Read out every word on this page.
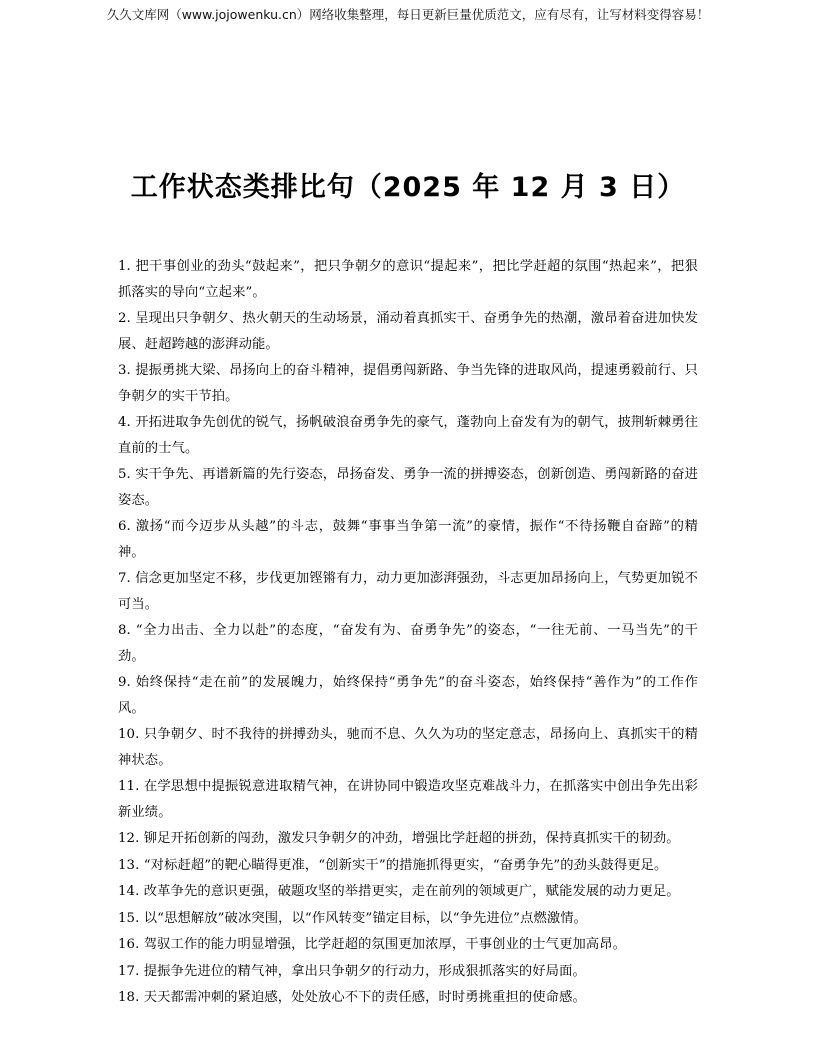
久久文库网（www.jojowenku.cn）网络收集整理，每日更新巨量优质范文，应有尽有，让写材料变得容易！
工作状态类排比句（2025 年 12 月 3 日）

1. 把干事创业的劲头“鼓起来”，把只争朝夕的意识“提起来”，把比学赶超的氛围“热起来”，把狠抓落实的导向“立起来”。

2. 呈现出只争朝夕、热火朝天的生动场景，涌动着真抓实干、奋勇争先的热潮，激昂着奋进加快发展、赶超跨越的澎湃动能。

3. 提振勇挑大梁、昂扬向上的奋斗精神，提倡勇闯新路、争当先锋的进取风尚，提速勇毅前行、只争朝夕的实干节拍。

4. 开拓进取争先创优的锐气，扬帆破浪奋勇争先的豪气，蓬勃向上奋发有为的朝气，披荆斩棘勇往直前的士气。

5. 实干争先、再谱新篇的先行姿态，昂扬奋发、勇争一流的拼搏姿态，创新创造、勇闯新路的奋进姿态。

6. 激扬“而今迈步从头越”的斗志，鼓舞“事事当争第一流”的豪情，振作“不待扬鞭自奋蹄”的精神。

7. 信念更加坚定不移，步伐更加铿锵有力，动力更加澎湃强劲，斗志更加昂扬向上，气势更加锐不可当。

8. “全力出击、全力以赴”的态度，“奋发有为、奋勇争先”的姿态，“一往无前、一马当先”的干劲。

9. 始终保持“走在前”的发展魄力，始终保持“勇争先”的奋斗姿态，始终保持“善作为”的工作作风。

10. 只争朝夕、时不我待的拼搏劲头，驰而不息、久久为功的坚定意志，昂扬向上、真抓实干的精神状态。

11. 在学思想中提振锐意进取精气神，在讲协同中锻造攻坚克难战斗力，在抓落实中创出争先出彩新业绩。

12. 铆足开拓创新的闯劲，激发只争朝夕的冲劲，增强比学赶超的拼劲，保持真抓实干的韧劲。

13. “对标赶超”的靶心瞄得更准，“创新实干”的措施抓得更实，“奋勇争先”的劲头鼓得更足。

14. 改革争先的意识更强，破题攻坚的举措更实，走在前列的领域更广，赋能发展的动力更足。

15. 以“思想解放”破冰突围，以“作风转变”锚定目标，以“争先进位”点燃激情。

16. 驾驭工作的能力明显增强，比学赶超的氛围更加浓厚，干事创业的士气更加高昂。

17. 提振争先进位的精气神，拿出只争朝夕的行动力，形成狠抓落实的好局面。

18. 天天都需冲刺的紧迫感，处处放心不下的责任感，时时勇挑重担的使命感。
